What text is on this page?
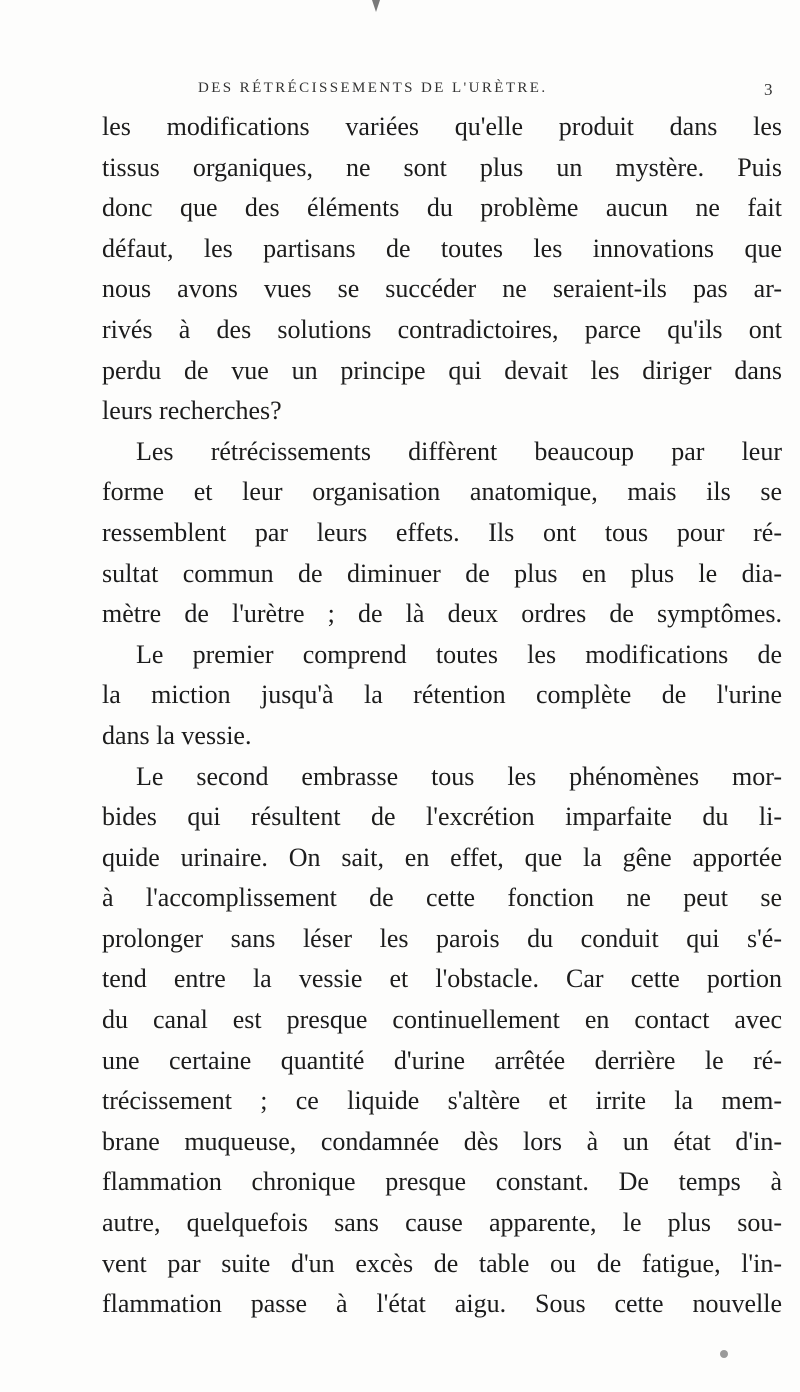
DES RÉTRÉCISSEMENTS DE L'URÈTRE.	3
les modifications variées qu'elle produit dans les
tissus organiques, ne sont plus un mystère. Puis
donc que des éléments du problème aucun ne fait
défaut, les partisans de toutes les innovations que
nous avons vues se succéder ne seraient-ils pas ar-
rivés à des solutions contradictoires, parce qu'ils ont
perdu de vue un principe qui devait les diriger dans
leurs recherches?
Les rétrécissements diffèrent beaucoup par leur
forme et leur organisation anatomique, mais ils se
ressemblent par leurs effets. Ils ont tous pour ré-
sultat commun de diminuer de plus en plus le dia-
mètre de l'urètre ; de là deux ordres de symptômes.
Le premier comprend toutes les modifications de
la miction jusqu'à la rétention complète de l'urine
dans la vessie.
Le second embrasse tous les phénomènes mor-
bides qui résultent de l'excrétion imparfaite du li-
quide urinaire. On sait, en effet, que la gêne apportée
à l'accomplissement de cette fonction ne peut se
prolonger sans léser les parois du conduit qui s'é-
tend entre la vessie et l'obstacle. Car cette portion
du canal est presque continuellement en contact avec
une certaine quantité d'urine arrêtée derrière le ré-
trécissement ; ce liquide s'altère et irrite la mem-
brane muqueuse, condamnée dès lors à un état d'in-
flammation chronique presque constant. De temps à
autre, quelquefois sans cause apparente, le plus sou-
vent par suite d'un excès de table ou de fatigue, l'in-
flammation passe à l'état aigu. Sous cette nouvelle
